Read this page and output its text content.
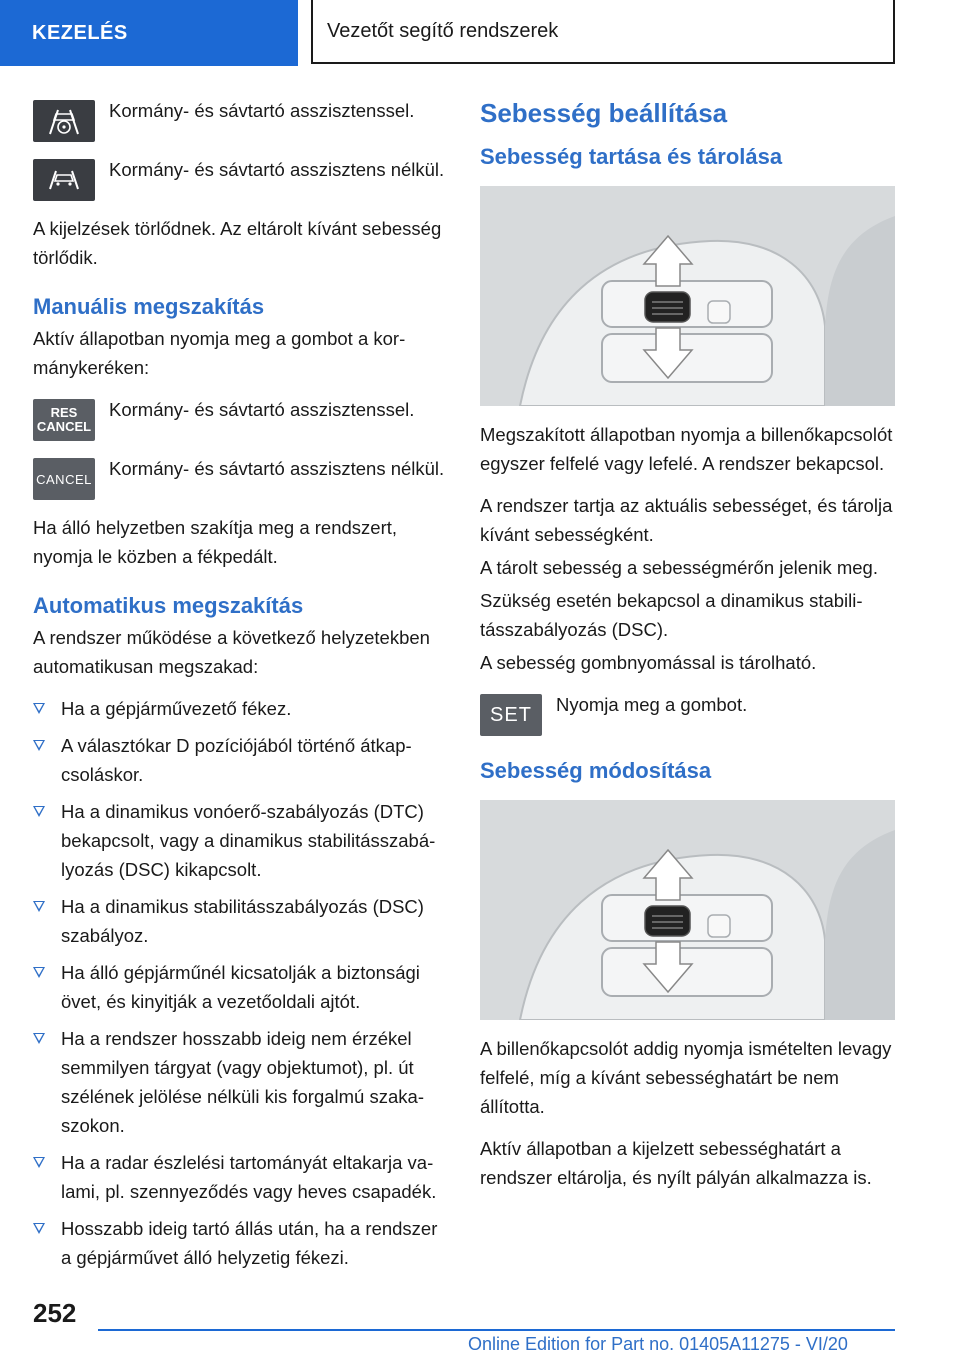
KEZELÉS	Vezetőt segítő rendszerek
Kormány- és sávtartó asszisztenssel.
Kormány- és sávtartó asszisztens nélkül.

A kijelzések törlődnek. Az eltárolt kívánt sebesség törlődik.

Manuális megszakítás

Aktív állapotban nyomja meg a gombot a kormánykeréken:

RES
CANCEL
Kormány- és sávtartó asszisztenssel.
CANCEL Kormány- és sávtartó asszisztens nélkül.

Ha álló helyzetben szakítja meg a rendszert, nyomja le közben a fékpedált.

Automatikus megszakítás

A rendszer működése a következő helyzetekben automatikusan megszakad:

Ha a gépjárművezető fékez.
A választókar D pozíciójából történő átkapcsoláskor.
Ha a dinamikus vonóerő-szabályozás (DTC) bekapcsolt, vagy a dinamikus stabilitásszabályozás (DSC) kikapcsolt.
Ha a dinamikus stabilitásszabályozás (DSC) szabályoz.
Ha álló gépjárműnél kicsatolják a biztonsági övet, és kinyitják a vezetőoldali ajtót.
Ha a rendszer hosszabb ideig nem érzékel semmilyen tárgyat (vagy objektumot), pl. út szélének jelölése nélküli kis forgalmú szakaszokon.
Ha a radar észlelési tartományát eltakarja valami, pl. szennyeződés vagy heves csapadék.
Hosszabb ideig tartó állás után, ha a rendszer a gépjárművet álló helyzetig fékezi.
Sebesség beállítása
Sebesség tartása és tárolása

Megszakított állapotban nyomja a billenőkapcsolót egyszer felfelé vagy lefelé. A rendszer bekapcsol.

A rendszer tartja az aktuális sebességet, és tárolja kívánt sebességként.

A tárolt sebesség a sebességmérőn jelenik meg.

Szükség esetén bekapcsol a dinamikus stabilitásszabályozás (DSC).

A sebesség gombnyomással is tárolható.

SET Nyomja meg a gombot.
Sebesség módosítása

A billenőkapcsolót addig nyomja ismételten levagy felfelé, míg a kívánt sebességhatárt be nem állította.

Aktív állapotban a kijelzett sebességhatárt a rendszer eltárolja, és nyílt pályán alkalmazza is.

252
Online Edition for Part no. 01405A11275 - VI/20
